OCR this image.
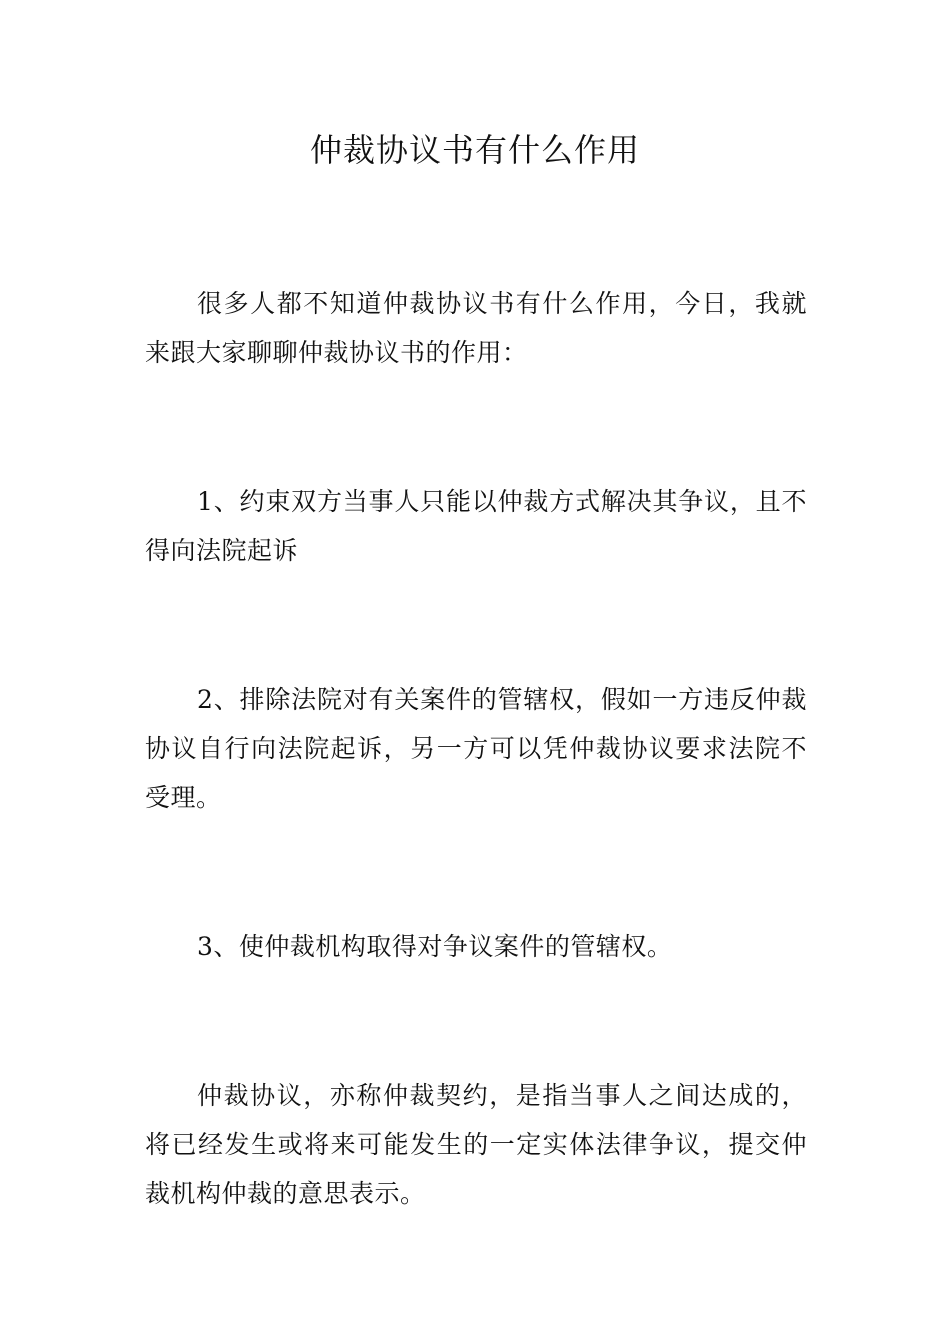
仲裁协议书有什么作用

很多人都不知道仲裁协议书有什么作用，今日，我就来跟大家聊聊仲裁协议书的作用：

1、约束双方当事人只能以仲裁方式解决其争议，且不得向法院起诉

2、排除法院对有关案件的管辖权，假如一方违反仲裁协议自行向法院起诉，另一方可以凭仲裁协议要求法院不受理。

3、使仲裁机构取得对争议案件的管辖权。

仲裁协议，亦称仲裁契约，是指当事人之间达成的，将已经发生或将来可能发生的一定实体法律争议，提交仲裁机构仲裁的意思表示。
